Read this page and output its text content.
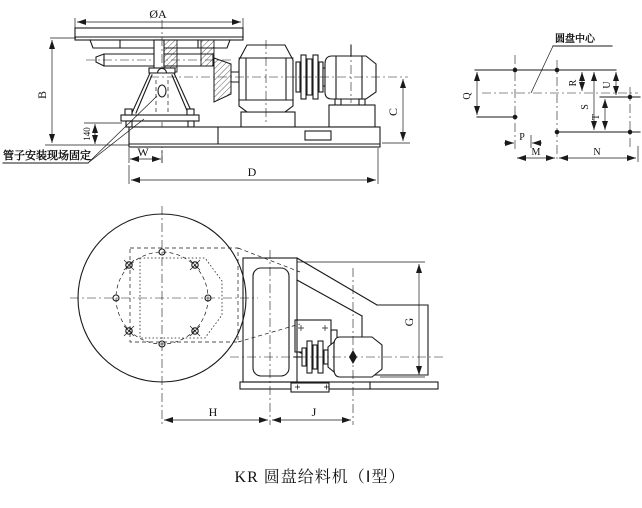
ØA
B
140
W
D
C
管子安装现场固定
圆盘中心
Q
R
S
U
T
P
M	N
H	J
G
KR 圆盘给料机（Ⅰ型）
